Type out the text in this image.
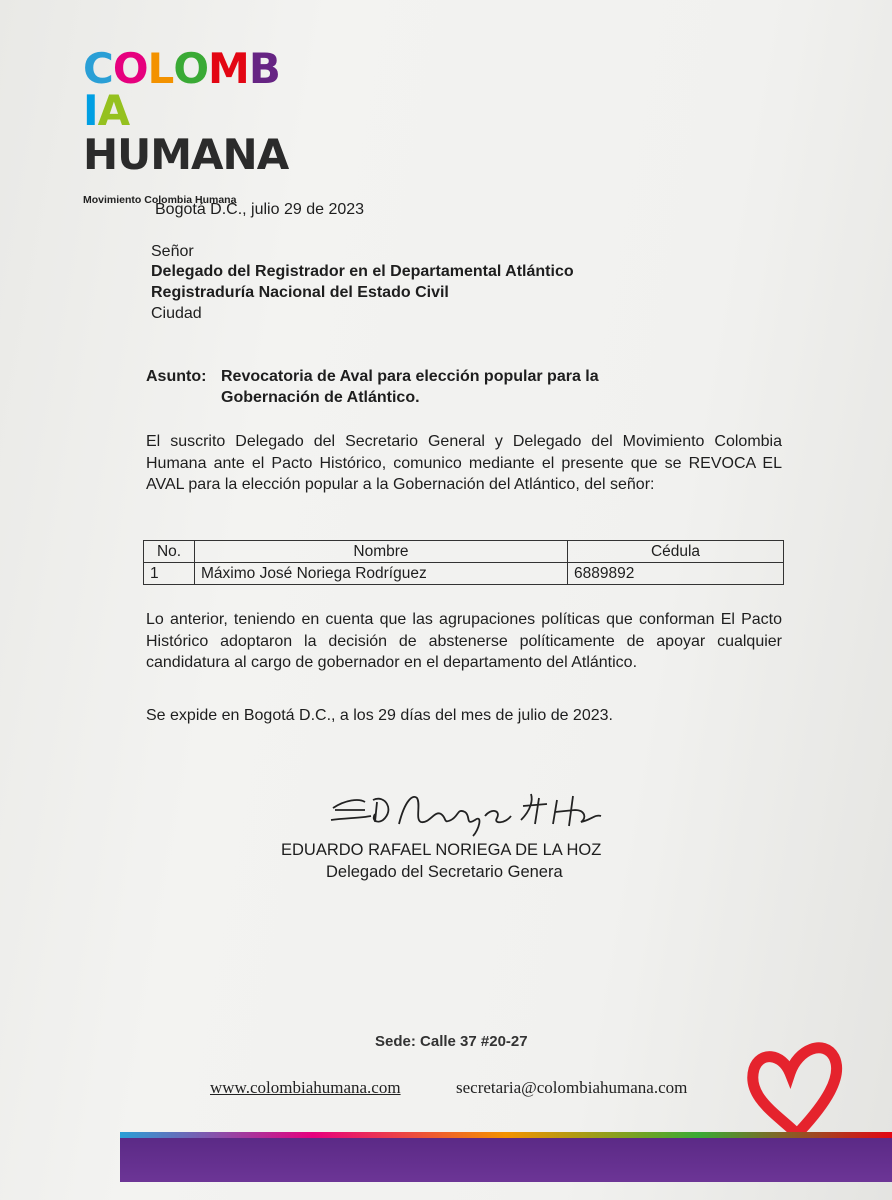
COLOMBIA
HUMANA
Movimiento Colombia Humana
Bogotá D.C., julio 29 de 2023
Señor
Delegado del Registrador en el Departamental Atlántico
Registraduría Nacional del Estado Civil
Ciudad
Asunto: Revocatoria de Aval para elección popular para la
Gobernación de Atlántico.
El suscrito Delegado del Secretario General y Delegado del Movimiento Colombia Humana ante el Pacto Histórico, comunico mediante el presente que se REVOCA EL AVAL para la elección popular a la Gobernación del Atlántico, del señor:
No.	Nombre	Cédula
1	Máximo José Noriega Rodríguez	6889892
Lo anterior, teniendo en cuenta que las agrupaciones políticas que conforman El Pacto Histórico adoptaron la decisión de abstenerse políticamente de apoyar cualquier candidatura al cargo de gobernador en el departamento del Atlántico.
Se expide en Bogotá D.C., a los 29 días del mes de julio de 2023.
EDUARDO RAFAEL NORIEGA DE LA HOZ
Delegado del Secretario Genera
Sede: Calle 37 #20-27
www.colombiahumana.com	secretaria@colombiahumana.com
